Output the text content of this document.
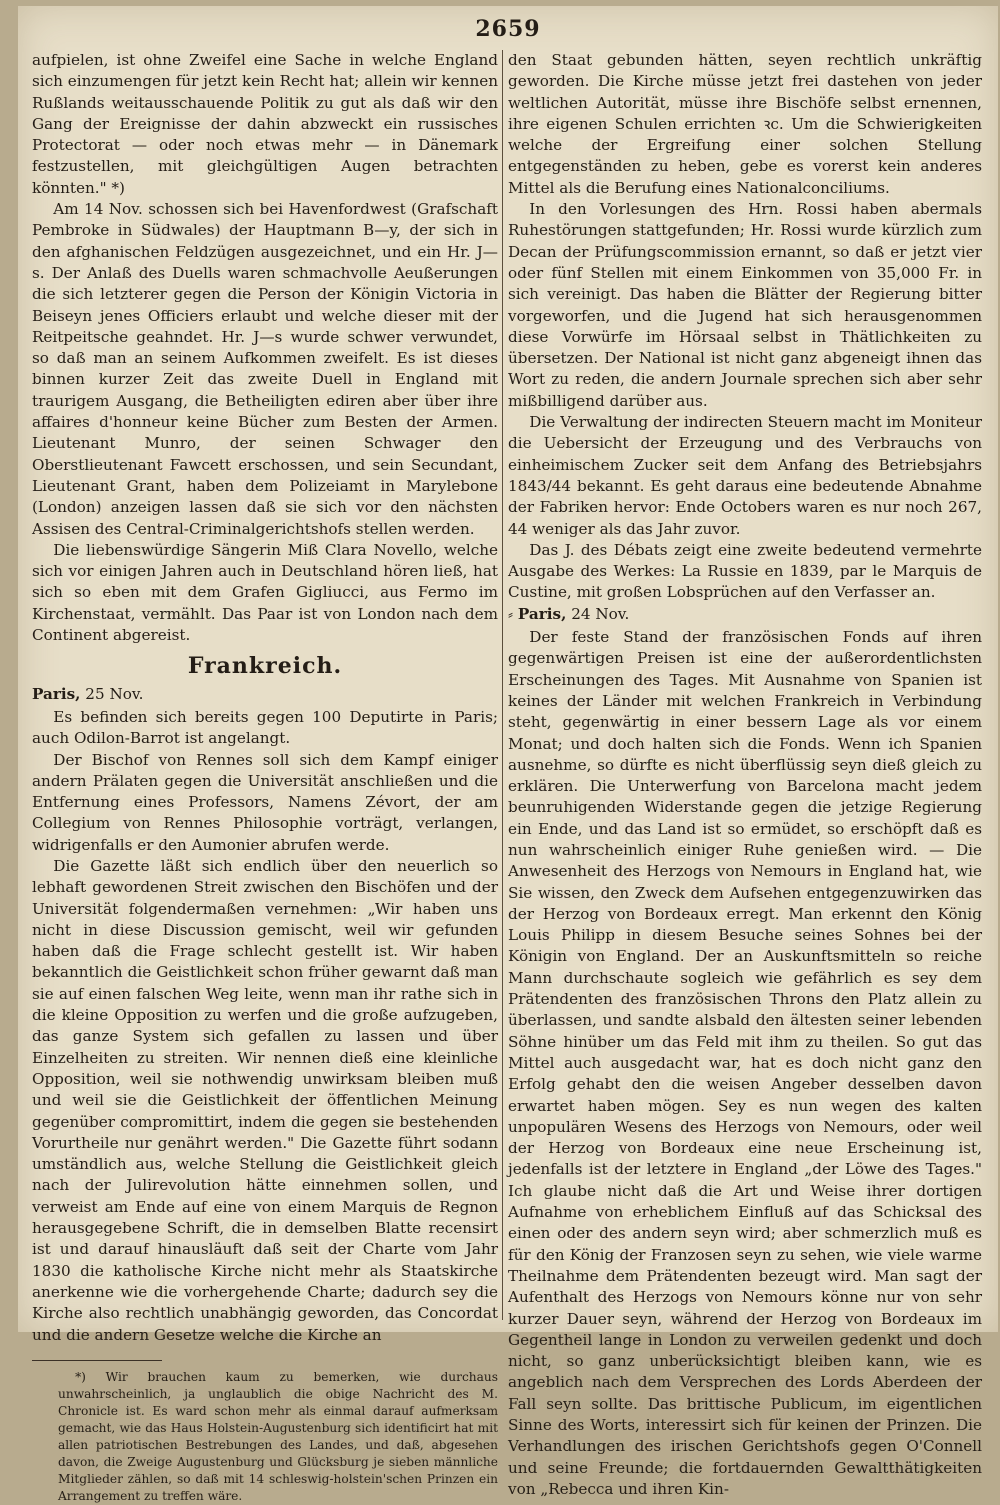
2659

aufpielen, ist ohne Zweifel eine Sache in welche England sich einzumengen für jetzt kein Recht hat; allein wir kennen Rußlands weitausschauende Politik zu gut als daß wir den Gang der Ereignisse der dahin abzweckt ein russisches Protectorat — oder noch etwas mehr — in Dänemark festzustellen, mit gleichgültigen Augen betrachten könnten." *)

Am 14 Nov. schossen sich bei Havenfordwest (Grafschaft Pembroke in Südwales) der Hauptmann B—y, der sich in den afghanischen Feldzügen ausgezeichnet, und ein Hr. J—s. Der Anlaß des Duells waren schmachvolle Aeußerungen die sich letzterer gegen die Person der Königin Victoria in Beiseyn jenes Officiers erlaubt und welche dieser mit der Reitpeitsche geahndet. Hr. J—s wurde schwer verwundet, so daß man an seinem Aufkommen zweifelt. Es ist dieses binnen kurzer Zeit das zweite Duell in England mit traurigem Ausgang, die Betheiligten ediren aber über ihre affaires d'honneur keine Bücher zum Besten der Armen. Lieutenant Munro, der seinen Schwager den Oberstlieutenant Fawcett erschossen, und sein Secundant, Lieutenant Grant, haben dem Polizeiamt in Marylebone (London) anzeigen lassen daß sie sich vor den nächsten Assisen des Central-Criminalgerichtshofs stellen werden.

Die liebenswürdige Sängerin Miß Clara Novello, welche sich vor einigen Jahren auch in Deutschland hören ließ, hat sich so eben mit dem Grafen Gigliucci, aus Fermo im Kirchenstaat, vermählt. Das Paar ist von London nach dem Continent abgereist.

Frankreich.

Paris, 25 Nov.

Es befinden sich bereits gegen 100 Deputirte in Paris; auch Odilon-Barrot ist angelangt.

Der Bischof von Rennes soll sich dem Kampf einiger andern Prälaten gegen die Universität anschließen und die Entfernung eines Professors, Namens Zévort, der am Collegium von Rennes Philosophie vorträgt, verlangen, widrigenfalls er den Aumonier abrufen werde.

Die Gazette läßt sich endlich über den neuerlich so lebhaft gewordenen Streit zwischen den Bischöfen und der Universität folgendermaßen vernehmen: „Wir haben uns nicht in diese Discussion gemischt, weil wir gefunden haben daß die Frage schlecht gestellt ist. Wir haben bekanntlich die Geistlichkeit schon früher gewarnt daß man sie auf einen falschen Weg leite, wenn man ihr rathe sich in die kleine Opposition zu werfen und die große aufzugeben, das ganze System sich gefallen zu lassen und über Einzelheiten zu streiten. Wir nennen dieß eine kleinliche Opposition, weil sie nothwendig unwirksam bleiben muß und weil sie die Geistlichkeit der öffentlichen Meinung gegenüber compromittirt, indem die gegen sie bestehenden Vorurtheile nur genährt werden." Die Gazette führt sodann umständlich aus, welche Stellung die Geistlichkeit gleich nach der Julirevolution hätte einnehmen sollen, und verweist am Ende auf eine von einem Marquis de Regnon herausgegebene Schrift, die in demselben Blatte recensirt ist und darauf hinausläuft daß seit der Charte vom Jahr 1830 die katholische Kirche nicht mehr als Staatskirche anerkenne wie die vorhergehende Charte; dadurch sey die Kirche also rechtlich unabhängig geworden, das Concordat und die andern Gesetze welche die Kirche an

*) Wir brauchen kaum zu bemerken, wie durchaus unwahrscheinlich, ja unglaublich die obige Nachricht des M. Chronicle ist. Es ward schon mehr als einmal darauf aufmerksam gemacht, wie das Haus Holstein-Augustenburg sich identificirt hat mit allen patriotischen Bestrebungen des Landes, und daß, abgesehen davon, die Zweige Augustenburg und Glücksburg je sieben männliche Mitglieder zählen, so daß mit 14 schleswig-holstein'schen Prinzen ein Arrangement zu treffen wäre.

den Staat gebunden hätten, seyen rechtlich unkräftig geworden. Die Kirche müsse jetzt frei dastehen von jeder weltlichen Autorität, müsse ihre Bischöfe selbst ernennen, ihre eigenen Schulen errichten ꝛc. Um die Schwierigkeiten welche der Ergreifung einer solchen Stellung entgegenständen zu heben, gebe es vorerst kein anderes Mittel als die Berufung eines Nationalconciliums.

In den Vorlesungen des Hrn. Rossi haben abermals Ruhestörungen stattgefunden; Hr. Rossi wurde kürzlich zum Decan der Prüfungscommission ernannt, so daß er jetzt vier oder fünf Stellen mit einem Einkommen von 35,000 Fr. in sich vereinigt. Das haben die Blätter der Regierung bitter vorgeworfen, und die Jugend hat sich herausgenommen diese Vorwürfe im Hörsaal selbst in Thätlichkeiten zu übersetzen. Der National ist nicht ganz abgeneigt ihnen das Wort zu reden, die andern Journale sprechen sich aber sehr mißbilligend darüber aus.

Die Verwaltung der indirecten Steuern macht im Moniteur die Uebersicht der Erzeugung und des Verbrauchs von einheimischem Zucker seit dem Anfang des Betriebsjahrs 1843/44 bekannt. Es geht daraus eine bedeutende Abnahme der Fabriken hervor: Ende Octobers waren es nur noch 267, 44 weniger als das Jahr zuvor.

Das J. des Débats zeigt eine zweite bedeutend vermehrte Ausgabe des Werkes: La Russie en 1839, par le Marquis de Custine, mit großen Lobsprüchen auf den Verfasser an.

⸗ Paris, 24 Nov.

Der feste Stand der französischen Fonds auf ihren gegenwärtigen Preisen ist eine der außerordentlichsten Erscheinungen des Tages. Mit Ausnahme von Spanien ist keines der Länder mit welchen Frankreich in Verbindung steht, gegenwärtig in einer bessern Lage als vor einem Monat; und doch halten sich die Fonds. Wenn ich Spanien ausnehme, so dürfte es nicht überflüssig seyn dieß gleich zu erklären. Die Unterwerfung von Barcelona macht jedem beunruhigenden Widerstande gegen die jetzige Regierung ein Ende, und das Land ist so ermüdet, so erschöpft daß es nun wahrscheinlich einiger Ruhe genießen wird. — Die Anwesenheit des Herzogs von Nemours in England hat, wie Sie wissen, den Zweck dem Aufsehen entgegenzuwirken das der Herzog von Bordeaux erregt. Man erkennt den König Louis Philipp in diesem Besuche seines Sohnes bei der Königin von England. Der an Auskunftsmitteln so reiche Mann durchschaute sogleich wie gefährlich es sey dem Prätendenten des französischen Throns den Platz allein zu überlassen, und sandte alsbald den ältesten seiner lebenden Söhne hinüber um das Feld mit ihm zu theilen. So gut das Mittel auch ausgedacht war, hat es doch nicht ganz den Erfolg gehabt den die weisen Angeber desselben davon erwartet haben mögen. Sey es nun wegen des kalten unpopulären Wesens des Herzogs von Nemours, oder weil der Herzog von Bordeaux eine neue Erscheinung ist, jedenfalls ist der letztere in England „der Löwe des Tages." Ich glaube nicht daß die Art und Weise ihrer dortigen Aufnahme von erheblichem Einfluß auf das Schicksal des einen oder des andern seyn wird; aber schmerzlich muß es für den König der Franzosen seyn zu sehen, wie viele warme Theilnahme dem Prätendenten bezeugt wird. Man sagt der Aufenthalt des Herzogs von Nemours könne nur von sehr kurzer Dauer seyn, während der Herzog von Bordeaux im Gegentheil lange in London zu verweilen gedenkt und doch nicht, so ganz unberücksichtigt bleiben kann, wie es angeblich nach dem Versprechen des Lords Aberdeen der Fall seyn sollte. Das brittische Publicum, im eigentlichen Sinne des Worts, interessirt sich für keinen der Prinzen. Die Verhandlungen des irischen Gerichtshofs gegen O'Connell und seine Freunde; die fortdauernden Gewaltthätigkeiten von „Rebecca und ihren Kin-
